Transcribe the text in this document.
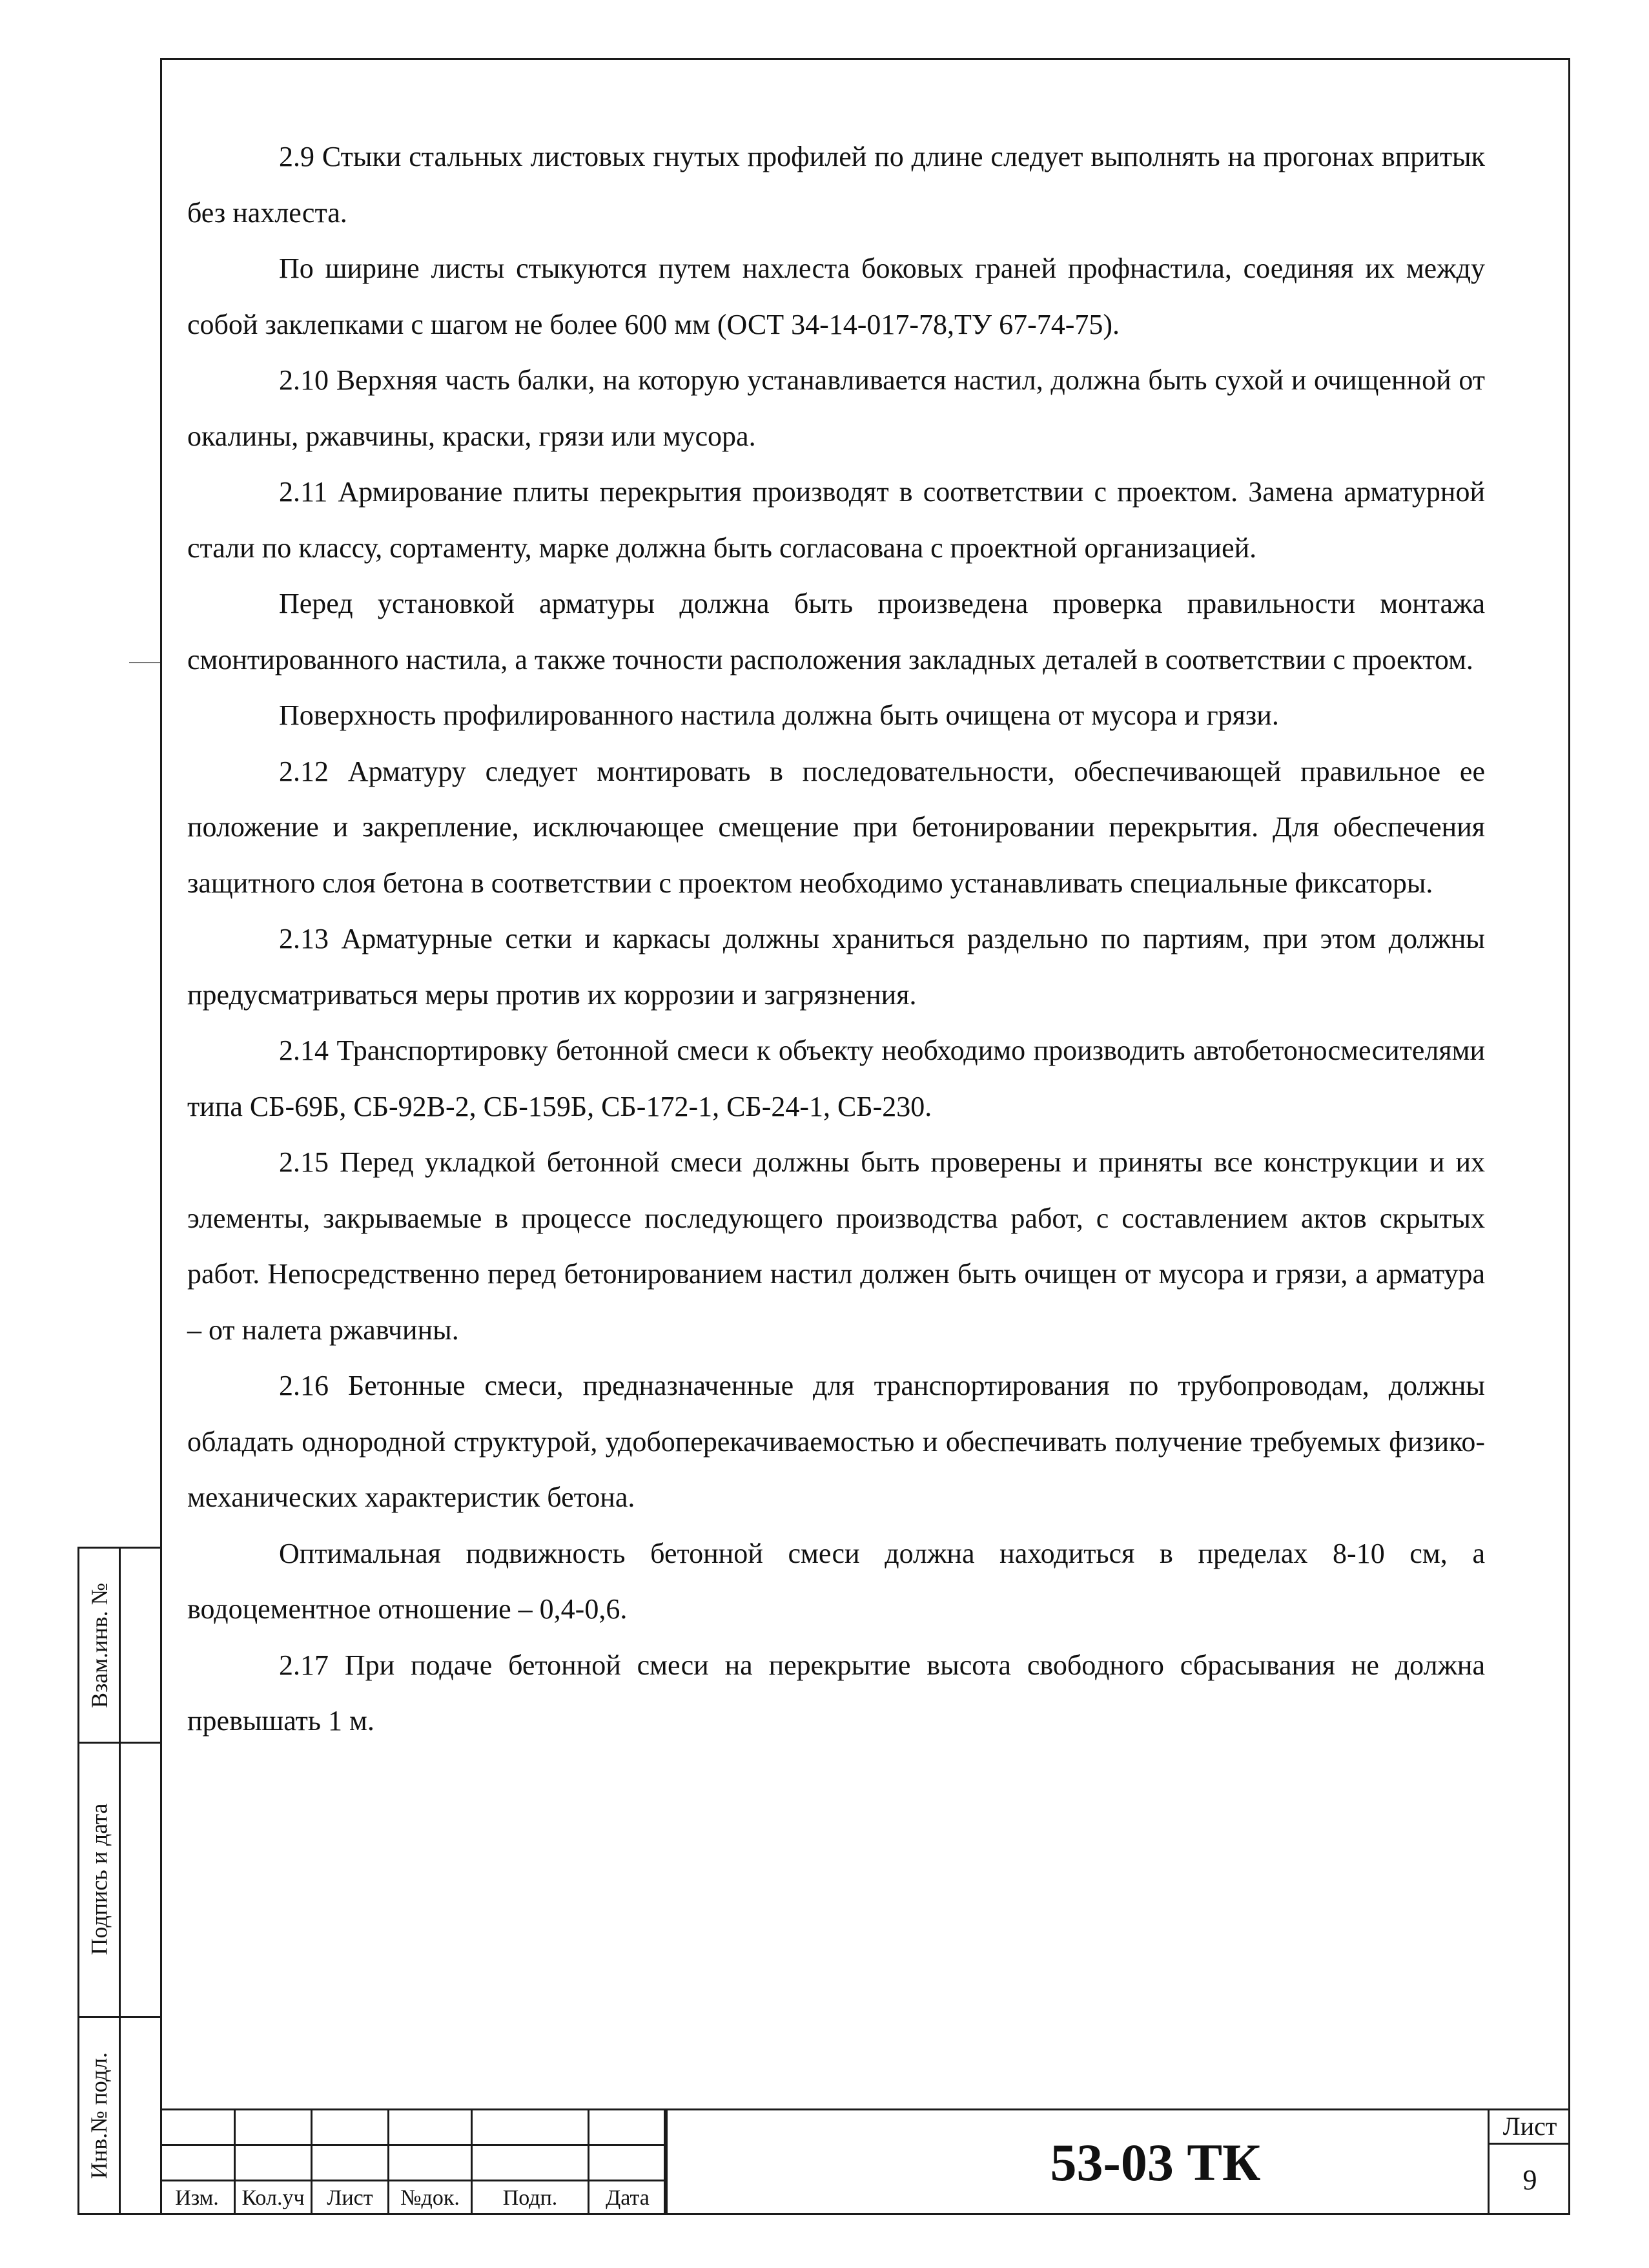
2.9 Стыки стальных листовых гнутых профилей по длине следует выполнять на прогонах впритык без нахлеста.

По ширине листы стыкуются путем нахлеста боковых граней профнастила, соединяя их между собой заклепками с шагом не более 600 мм (ОСТ 34-14-017-78,ТУ 67-74-75).

2.10 Верхняя часть балки, на которую устанавливается настил, должна быть сухой и очищенной от окалины, ржавчины, краски, грязи или мусора.

2.11 Армирование плиты перекрытия производят в соответствии с проектом. Замена арматурной стали по классу, сортаменту, марке должна быть согласована с проектной организацией.

Перед установкой арматуры должна быть произведена проверка правильности монтажа смонтированного настила, а также точности расположения закладных деталей в соответствии с проектом.

Поверхность профилированного настила должна быть очищена от мусора и грязи.

2.12 Арматуру следует монтировать в последовательности, обеспечивающей правильное ее положение и закрепление, исключающее смещение при бетонировании перекрытия. Для обеспечения защитного слоя бетона в соответствии с проектом необходимо устанавливать специальные фиксаторы.

2.13 Арматурные сетки и каркасы должны храниться раздельно по партиям, при этом должны предусматриваться меры против их коррозии и загрязнения.

2.14 Транспортировку бетонной смеси к объекту необходимо производить автобетоносмесителями типа СБ-69Б, СБ-92В-2, СБ-159Б, СБ-172-1, СБ-24-1, СБ-230.

2.15 Перед укладкой бетонной смеси должны быть проверены и приняты все конструкции и их элементы, закрываемые в процессе последующего производства работ, с составлением актов скрытых работ. Непосредственно перед бетонированием настил должен быть очищен от мусора и грязи, а арматура – от налета ржавчины.

2.16 Бетонные смеси, предназначенные для транспортирования по трубопроводам, должны обладать однородной структурой, удобоперекачиваемостью и обеспечивать получение требуемых физико-механических характеристик бетона.

Оптимальная подвижность бетонной смеси должна находиться в пределах 8-10 см, а водоцементное отношение – 0,4-0,6.

2.17 При подаче бетонной смеси на перекрытие высота свободного сбрасывания не должна превышать 1 м.

Взам.инв. №
Подпись и дата
Инв.№ подл.

Изм.	Кол.уч	Лист	№док.	Подп.	Дата
53-03 ТК
Лист
9
